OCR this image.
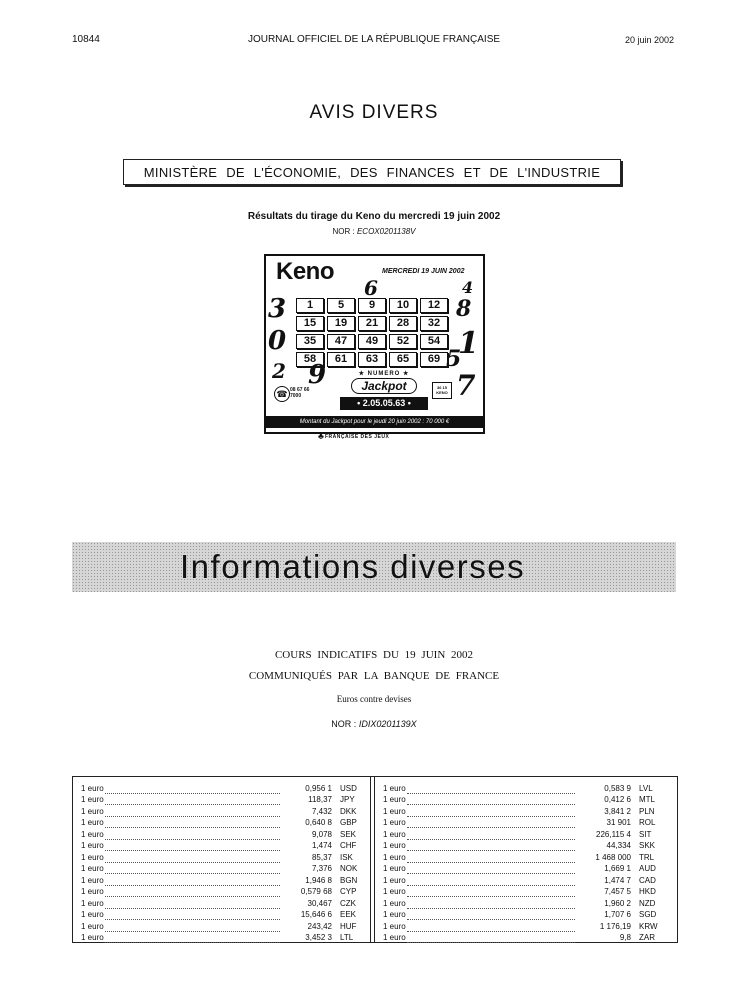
10844	JOURNAL OFFICIEL DE LA RÉPUBLIQUE FRANÇAISE	20 juin 2002
AVIS DIVERS
MINISTÈRE DE L'ÉCONOMIE, DES FINANCES ET DE L'INDUSTRIE
Résultats du tirage du Keno du mercredi 19 juin 2002
NOR : ECOX0201138V
Keno	MERCREDI 19 JUIN 2002
3
0
6	4
8
1
5
2 9	7
1	5	9	10	12
15	19	21	28	32
35	47	49	52	54
58	61	63	65	69
☎ 08 67 66
7000
★ NUMERO ★
Jackpot
• 2.05.05.63 •
36 15 KENO
Montant du Jackpot pour le jeudi 20 juin 2002 : 70 000 €
♣ FRANÇAISE DES JEUX
Informations diverses
COURS INDICATIFS DU 19 JUIN 2002
COMMUNIQUÉS PAR LA BANQUE DE FRANCE
Euros contre devises
NOR : IDIX0201139X
1 euro	0,956 1 USD
1 euro	118,37 JPY
1 euro	7,432 DKK
1 euro	0,640 8 GBP
1 euro	9,078 SEK
1 euro	1,474 CHF
1 euro	85,37 ISK
1 euro	7,376 NOK
1 euro	1,946 8 BGN
1 euro	0,579 68 CYP
1 euro	30,467 CZK
1 euro	15,646 6 EEK
1 euro	243,42 HUF
1 euro	3,452 3 LTL
1 euro	0,583 9 LVL
1 euro	0,412 6 MTL
1 euro	3,841 2 PLN
1 euro	31 901 ROL
1 euro	226,115 4 SIT
1 euro	44,334 SKK
1 euro	1 468 000 TRL
1 euro	1,669 1 AUD
1 euro	1,474 7 CAD
1 euro	7,457 5 HKD
1 euro	1,960 2 NZD
1 euro	1,707 6 SGD
1 euro	1 176,19 KRW
1 euro	9,8 ZAR
